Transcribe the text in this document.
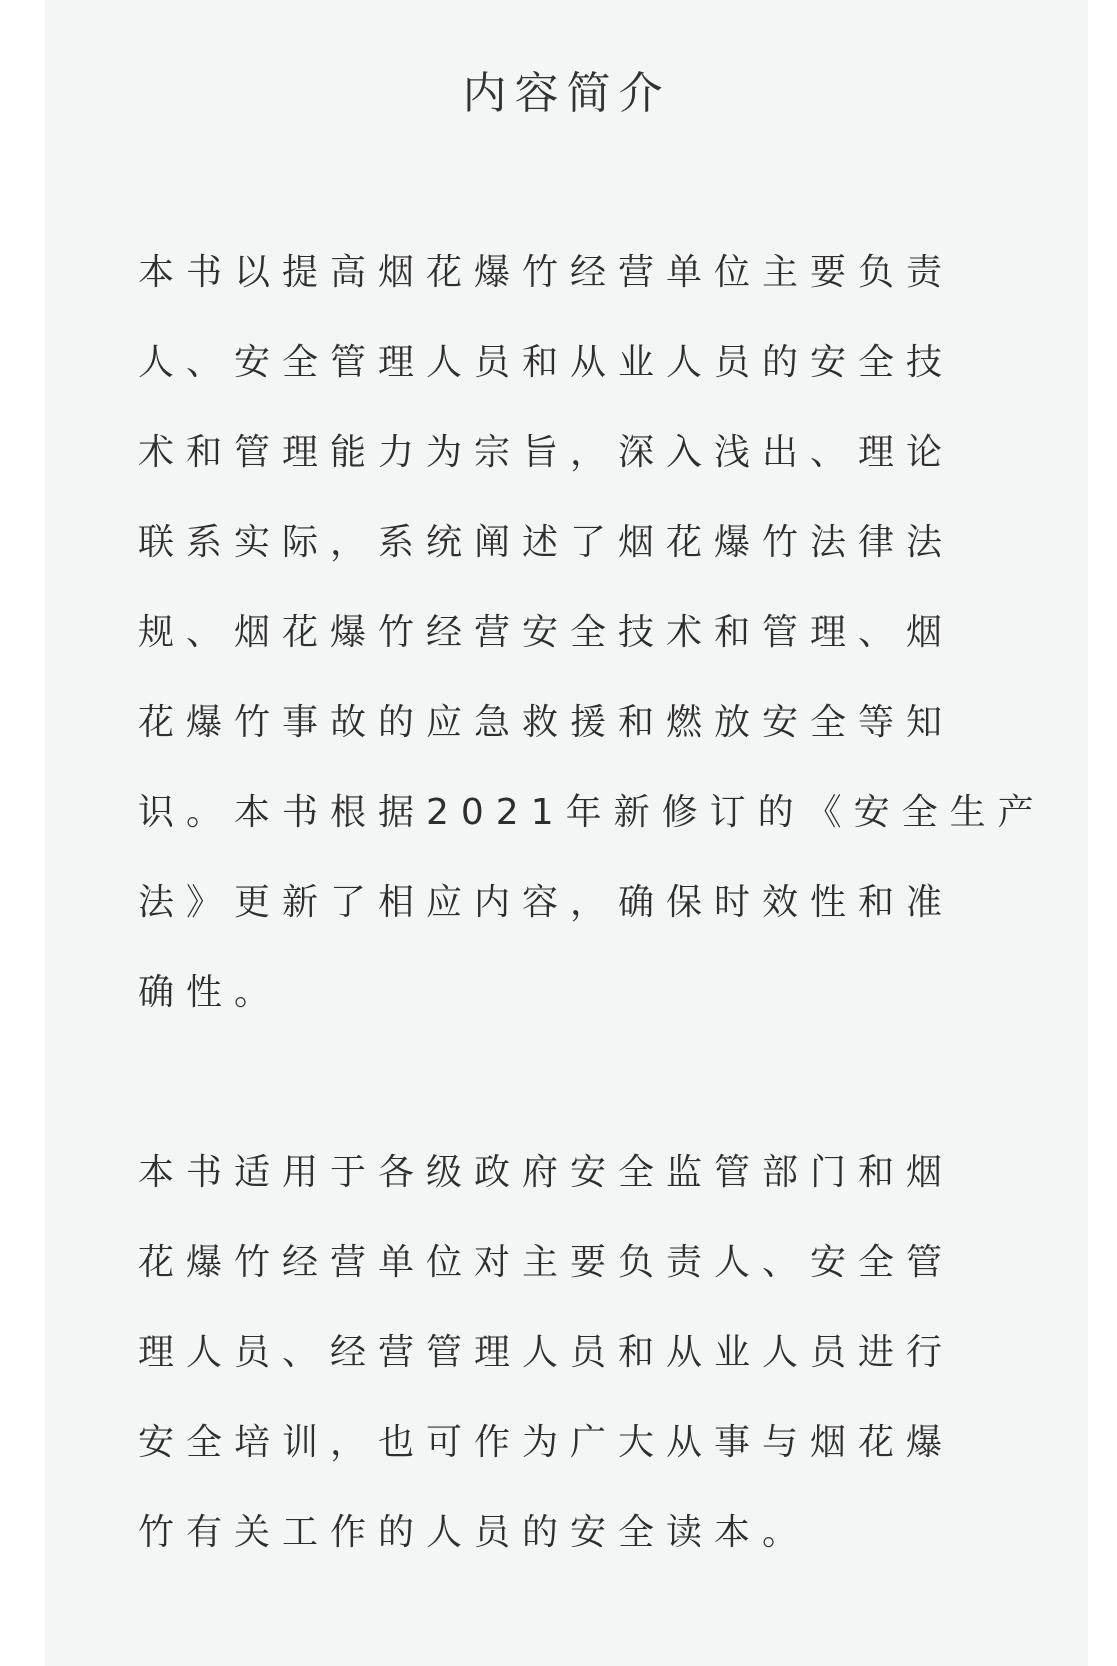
内容简介

本书以提高烟花爆竹经营单位主要负责
人、安全管理人员和从业人员的安全技
术和管理能力为宗旨，深入浅出、理论
联系实际，系统阐述了烟花爆竹法律法
规、烟花爆竹经营安全技术和管理、烟
花爆竹事故的应急救援和燃放安全等知
识。本书根据2021年新修订的《安全生产
法》更新了相应内容，确保时效性和准
确性。

本书适用于各级政府安全监管部门和烟
花爆竹经营单位对主要负责人、安全管
理人员、经营管理人员和从业人员进行
安全培训，也可作为广大从事与烟花爆
竹有关工作的人员的安全读本。
